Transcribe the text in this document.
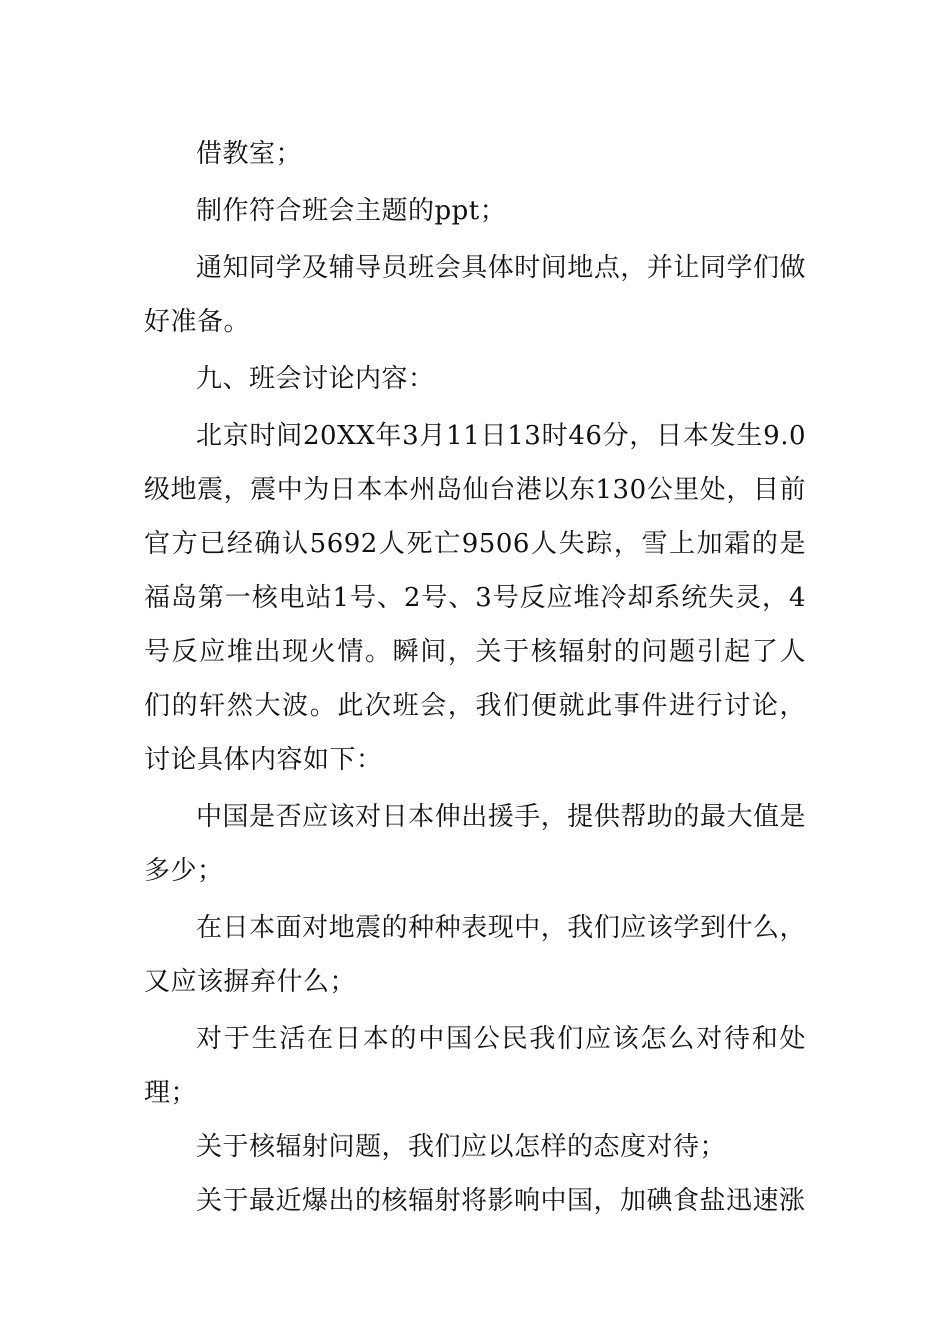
借教室；

制作符合班会主题的ppt；

通知同学及辅导员班会具体时间地点，并让同学们做好准备。

九、班会讨论内容：

北京时间20XX年3月11日13时46分，日本发生9.0级地震，震中为日本本州岛仙台港以东130公里处，目前官方已经确认5692人死亡9506人失踪，雪上加霜的是福岛第一核电站1号、2号、3号反应堆冷却系统失灵，4号反应堆出现火情。瞬间，关于核辐射的问题引起了人们的轩然大波。此次班会，我们便就此事件进行讨论，讨论具体内容如下：

中国是否应该对日本伸出援手，提供帮助的最大值是多少；

在日本面对地震的种种表现中，我们应该学到什么，又应该摒弃什么；

对于生活在日本的中国公民我们应该怎么对待和处理；

关于核辐射问题，我们应以怎样的态度对待；

关于最近爆出的核辐射将影响中国，加碘食盐迅速涨
